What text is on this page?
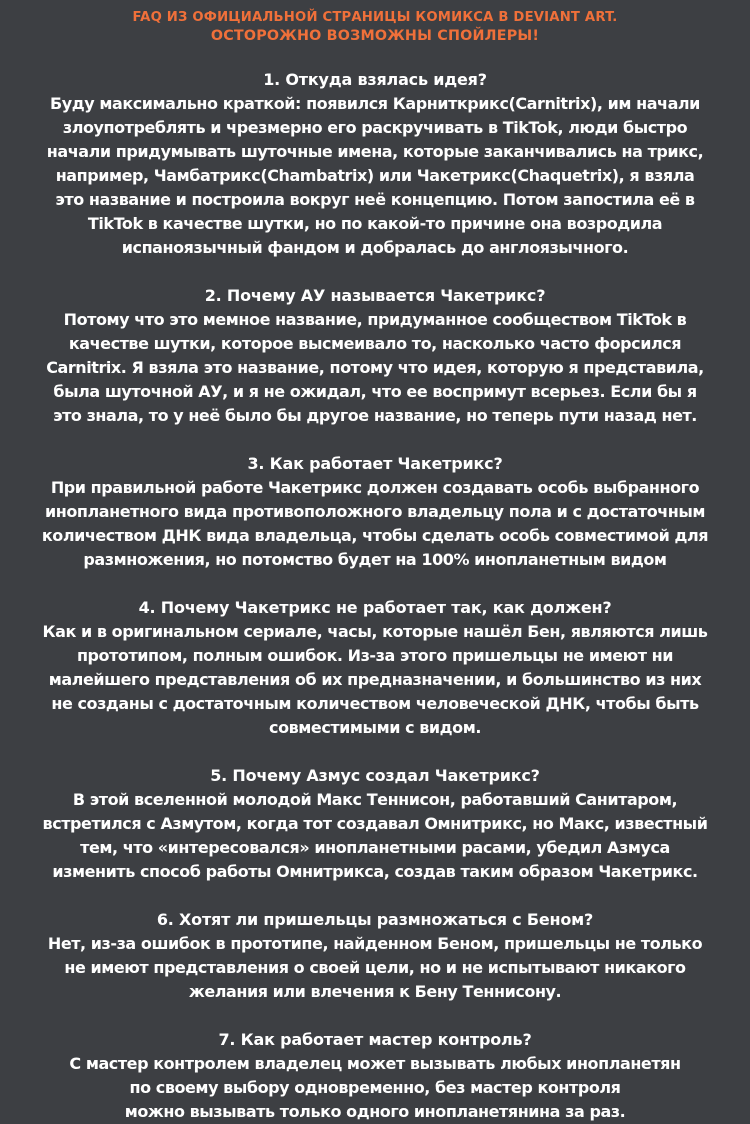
FAQ ИЗ ОФИЦИАЛЬНОЙ СТРАНИЦЫ КОМИКСА В DEVIANT ART.
ОСТОРОЖНО ВОЗМОЖНЫ СПОЙЛЕРЫ!
1. Откуда взялась идея?
Буду максимально краткой: появился Карниткрикс(Carnitrix), им начали
злоупотреблять и чрезмерно его раскручивать в TikTok, люди быстро
начали придумывать шуточные имена, которые заканчивались на трикс,
например, Чамбатрикс(Chambatrix) или Чакетрикс(Chaquetrix), я взяла
это название и построила вокруг неё концепцию. Потом запостила её в
TikTok в качестве шутки, но по какой-то причине она возродила
испаноязычный фандом и добралась до англоязычного.
2. Почему АУ называется Чакетрикс?
Потому что это мемное название, придуманное сообществом TikTok в
качестве шутки, которое высмеивало то, насколько часто форсился
Carnitrix. Я взяла это название, потому что идея, которую я представила,
была шуточной АУ, и я не ожидал, что ее воспримут всерьез. Если бы я
это знала, то у неё было бы другое название, но теперь пути назад нет.
3. Как работает Чакетрикс?
При правильной работе Чакетрикс должен создавать особь выбранного
инопланетного вида противоположного владельцу пола и с достаточным
количеством ДНК вида владельца, чтобы сделать особь совместимой для
размножения, но потомство будет на 100% инопланетным видом
4. Почему Чакетрикс не работает так, как должен?
Как и в оригинальном сериале, часы, которые нашёл Бен, являются лишь
прототипом, полным ошибок. Из-за этого пришельцы не имеют ни
малейшего представления об их предназначении, и большинство из них
не созданы с достаточным количеством человеческой ДНК, чтобы быть
совместимыми с видом.
5. Почему Азмус создал Чакетрикс?
В этой вселенной молодой Макс Теннисон, работавший Санитаром,
встретился с Азмутом, когда тот создавал Омнитрикс, но Макс, известный
тем, что «интересовался» инопланетными расами, убедил Азмуса
изменить способ работы Омнитрикса, создав таким образом Чакетрикс.
6. Хотят ли пришельцы размножаться с Беном?
Нет, из-за ошибок в прототипе, найденном Беном, пришельцы не только
не имеют представления о своей цели, но и не испытывают никакого
желания или влечения к Бену Теннисону.
7. Как работает мастер контроль?
С мастер контролем владелец может вызывать любых инопланетян
по своему выбору одновременно, без мастер контроля
можно вызывать только одного инопланетянина за раз.
